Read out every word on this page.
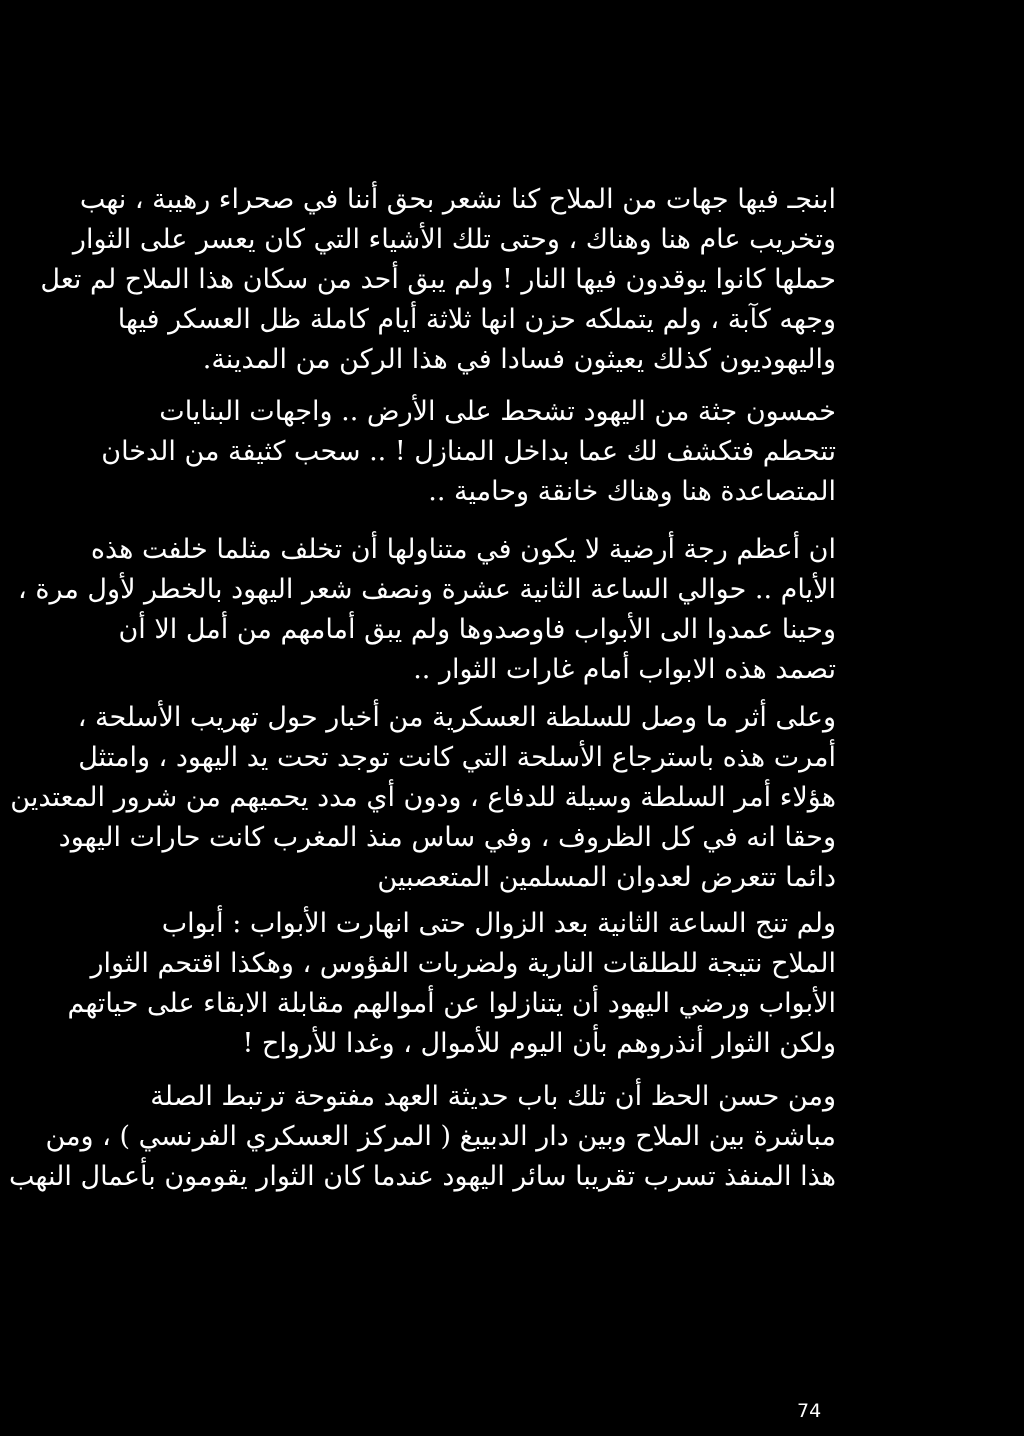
ابنجـ فيها جهات من الملاح كنا نشعر بحق أننا في صحراء رهيبة ، نهب
وتخريب عام هنا وهناك ، وحتى تلك الأشياء التي كان يعسر على الثوار
حملها كانوا يوقدون فيها النار ! ولم يبق أحد من سكان هذا الملاح لم تعل
وجهه كآبة ، ولم يتملكه حزن انها ثلاثة أيام كاملة ظل العسكر فيها
واليهوديون كذلك يعيثون فسادا في هذا الركن من المدينة.
خمسون جثة من اليهود تشحط على الأرض .. واجهات البنايات
تتحطم فتكشف لك عما بداخل المنازل ! .. سحب كثيفة من الدخان
المتصاعدة هنا وهناك خانقة وحامية ..
ان أعظم رجة أرضية لا يكون في متناولها أن تخلف مثلما خلفت هذه
الأيام .. حوالي الساعة الثانية عشرة ونصف شعر اليهود بالخطر لأول مرة ،
وحينا عمدوا الى الأبواب فاوصدوها ولم يبق أمامهم من أمل الا أن
تصمد هذه الابواب أمام غارات الثوار ..
وعلى أثر ما وصل للسلطة العسكرية من أخبار حول تهريب الأسلحة ،
أمرت هذه باسترجاع الأسلحة التي كانت توجد تحت يد اليهود ، وامتثل
هؤلاء أمر السلطة وسيلة للدفاع ، ودون أي مدد يحميهم من شرور المعتدين
وحقا انه في كل الظروف ، وفي ساس منذ المغرب كانت حارات اليهود
دائما تتعرض لعدوان المسلمين المتعصبين
ولم تنج الساعة الثانية بعد الزوال حتى انهارت الأبواب : أبواب
الملاح نتيجة للطلقات النارية ولضربات الفؤوس ، وهكذا اقتحم الثوار
الأبواب ورضي اليهود أن يتنازلوا عن أموالهم مقابلة الابقاء على حياتهم
ولكن الثوار أنذروهم بأن اليوم للأموال ، وغدا للأرواح !
ومن حسن الحظ أن تلك باب حديثة العهد مفتوحة ترتبط الصلة
مباشرة بين الملاح وبين دار الدبيبغ ( المركز العسكري الفرنسي ) ، ومن
هذا المنفذ تسرب تقريبا سائر اليهود عندما كان الثوار يقومون بأعمال النهب
74
